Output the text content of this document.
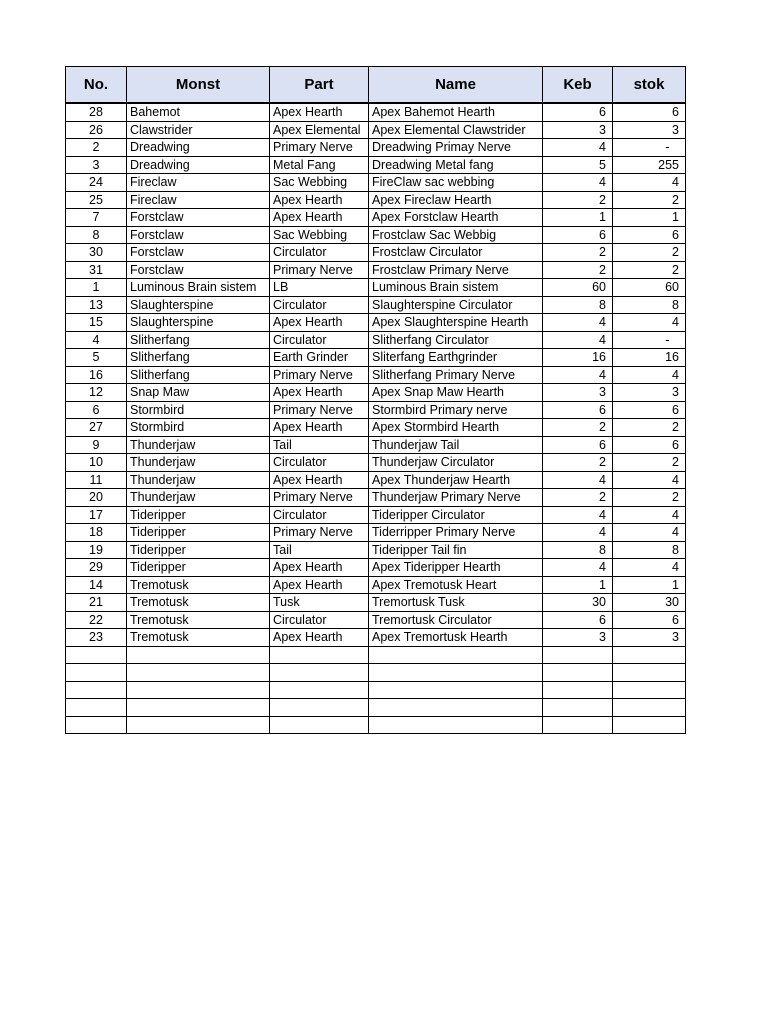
No.	Monst	Part	Name	Keb	stok
28	Bahemot	Apex Hearth	Apex Bahemot Hearth	6	6
26	Clawstrider	Apex Elemental	Apex Elemental Clawstrider	3	3
2	Dreadwing	Primary Nerve	Dreadwing Primay Nerve	4	-
3	Dreadwing	Metal Fang	Dreadwing Metal fang	5	255
24	Fireclaw	Sac Webbing	FireClaw sac webbing	4	4
25	Fireclaw	Apex Hearth	Apex Fireclaw Hearth	2	2
7	Forstclaw	Apex Hearth	Apex Forstclaw Hearth	1	1
8	Forstclaw	Sac Webbing	Frostclaw Sac Webbig	6	6
30	Forstclaw	Circulator	Frostclaw Circulator	2	2
31	Forstclaw	Primary Nerve	Frostclaw Primary Nerve	2	2
1	Luminous Brain sistem	LB	Luminous Brain sistem	60	60
13	Slaughterspine	Circulator	Slaughterspine Circulator	8	8
15	Slaughterspine	Apex Hearth	Apex Slaughterspine Hearth	4	4
4	Slitherfang	Circulator	Slitherfang Circulator	4	-
5	Slitherfang	Earth Grinder	Sliterfang Earthgrinder	16	16
16	Slitherfang	Primary Nerve	Slitherfang Primary Nerve	4	4
12	Snap Maw	Apex Hearth	Apex Snap Maw Hearth	3	3
6	Stormbird	Primary Nerve	Stormbird Primary nerve	6	6
27	Stormbird	Apex Hearth	Apex Stormbird Hearth	2	2
9	Thunderjaw	Tail	Thunderjaw Tail	6	6
10	Thunderjaw	Circulator	Thunderjaw Circulator	2	2
11	Thunderjaw	Apex Hearth	Apex Thunderjaw Hearth	4	4
20	Thunderjaw	Primary Nerve	Thunderjaw Primary Nerve	2	2
17	Tideripper	Circulator	Tideripper Circulator	4	4
18	Tideripper	Primary Nerve	Tiderripper Primary Nerve	4	4
19	Tideripper	Tail	Tideripper Tail fin	8	8
29	Tideripper	Apex Hearth	Apex Tideripper Hearth	4	4
14	Tremotusk	Apex Hearth	Apex Tremotusk Heart	1	1
21	Tremotusk	Tusk	Tremortusk Tusk	30	30
22	Tremotusk	Circulator	Tremortusk Circulator	6	6
23	Tremotusk	Apex Hearth	Apex Tremortusk Hearth	3	3
